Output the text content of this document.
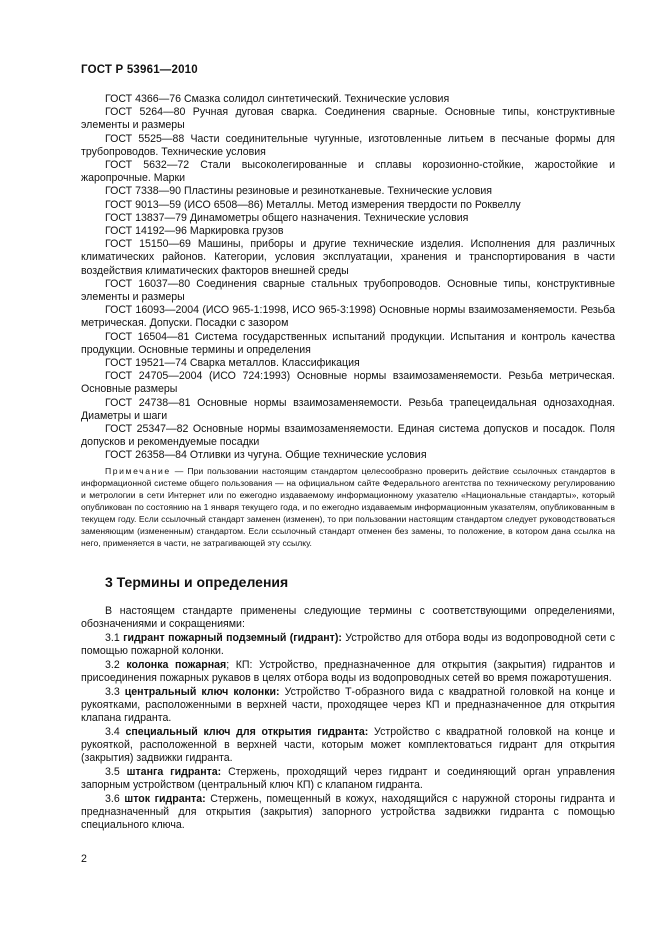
ГОСТ Р 53961—2010

ГОСТ 4366—76 Смазка солидол синтетический. Технические условия

ГОСТ 5264—80 Ручная дуговая сварка. Соединения сварные. Основные типы, конструктивные элементы и размеры

ГОСТ 5525—88 Части соединительные чугунные, изготовленные литьем в песчаные формы для трубопроводов. Технические условия

ГОСТ 5632—72 Стали высоколегированные и сплавы корозионно-стойкие, жаростойкие и жаропрочные. Марки

ГОСТ 7338—90 Пластины резиновые и резинотканевые. Технические условия

ГОСТ 9013—59 (ИСО 6508—86) Металлы. Метод измерения твердости по Роквеллу

ГОСТ 13837—79 Динамометры общего назначения. Технические условия

ГОСТ 14192—96 Маркировка грузов

ГОСТ 15150—69 Машины, приборы и другие технические изделия. Исполнения для различных климатических районов. Категории, условия эксплуатации, хранения и транспортирования в части воздействия климатических факторов внешней среды

ГОСТ 16037—80 Соединения сварные стальных трубопроводов. Основные типы, конструктивные элементы и размеры

ГОСТ 16093—2004 (ИСО 965-1:1998, ИСО 965-3:1998) Основные нормы взаимозаменяемости. Резьба метрическая. Допуски. Посадки с зазором

ГОСТ 16504—81 Система государственных испытаний продукции. Испытания и контроль качества продукции. Основные термины и определения

ГОСТ 19521—74 Сварка металлов. Классификация

ГОСТ 24705—2004 (ИСО 724:1993) Основные нормы взаимозаменяемости. Резьба метрическая. Основные размеры

ГОСТ 24738—81 Основные нормы взаимозаменяемости. Резьба трапецеидальная однозаходная. Диаметры и шаги

ГОСТ 25347—82 Основные нормы взаимозаменяемости. Единая система допусков и посадок. Поля допусков и рекомендуемые посадки

ГОСТ 26358—84 Отливки из чугуна. Общие технические условия

Примечание — При пользовании настоящим стандартом целесообразно проверить действие ссылочных стандартов в информационной системе общего пользования — на официальном сайте Федерального агентства по техническому регулированию и метрологии в сети Интернет или по ежегодно издаваемому информационному указателю «Национальные стандарты», который опубликован по состоянию на 1 января текущего года, и по ежегодно издаваемым информационным указателям, опубликованным в текущем году. Если ссылочный стандарт заменен (изменен), то при пользовании настоящим стандартом следует руководствоваться заменяющим (измененным) стандартом. Если ссылочный стандарт отменен без замены, то положение, в котором дана ссылка на него, применяется в части, не затрагивающей эту ссылку.

3 Термины и определения

В настоящем стандарте применены следующие термины с соответствующими определениями, обозначениями и сокращениями:

3.1 гидрант пожарный подземный (гидрант): Устройство для отбора воды из водопроводной сети с помощью пожарной колонки.

3.2 колонка пожарная; КП: Устройство, предназначенное для открытия (закрытия) гидрантов и присоединения пожарных рукавов в целях отбора воды из водопроводных сетей во время пожаротушения.

3.3 центральный ключ колонки: Устройство Т-образного вида с квадратной головкой на конце и рукоятками, расположенными в верхней части, проходящее через КП и предназначенное для открытия клапана гидранта.

3.4 специальный ключ для открытия гидранта: Устройство с квадратной головкой на конце и рукояткой, расположенной в верхней части, которым может комплектоваться гидрант для открытия (закрытия) задвижки гидранта.

3.5 штанга гидранта: Стержень, проходящий через гидрант и соединяющий орган управления запорным устройством (центральный ключ КП) с клапаном гидранта.

3.6 шток гидранта: Стержень, помещенный в кожух, находящийся с наружной стороны гидранта и предназначенный для открытия (закрытия) запорного устройства задвижки гидранта с помощью специального ключа.

2
